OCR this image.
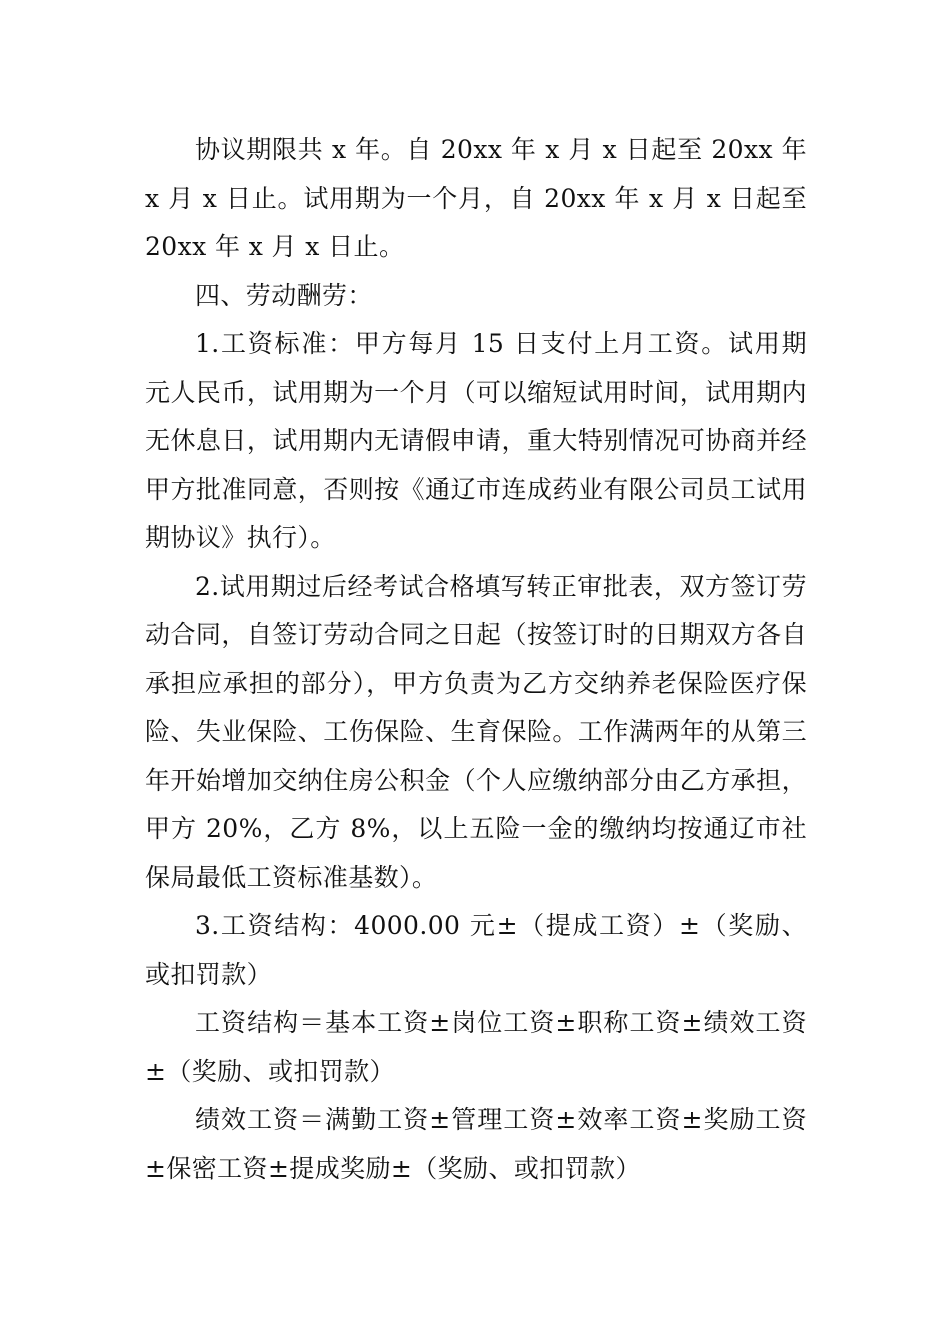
协议期限共 x 年。自 20xx 年 x 月 x 日起至 20xx 年 x 月 x 日止。试用期为一个月，自 20xx 年 x 月 x 日起至 20xx 年 x 月 x 日止。

四、劳动酬劳：

1.工资标准：甲方每月 15 日支付上月工资。试用期 元人民币，试用期为一个月（可以缩短试用时间，试用期内无休息日，试用期内无请假申请，重大特别情况可协商并经甲方批准同意，否则按《通辽市连成药业有限公司员工试用期协议》执行）。

2.试用期过后经考试合格填写转正审批表，双方签订劳动合同，自签订劳动合同之日起（按签订时的日期双方各自承担应承担的部分），甲方负责为乙方交纳养老保险医疗保险、失业保险、工伤保险、生育保险。工作满两年的从第三年开始增加交纳住房公积金（个人应缴纳部分由乙方承担，甲方 20%，乙方 8%，以上五险一金的缴纳均按通辽市社保局最低工资标准基数）。

3.工资结构：4000.00 元±（提成工资）±（奖励、或扣罚款）

工资结构＝基本工资±岗位工资±职称工资±绩效工资±（奖励、或扣罚款）

绩效工资＝满勤工资±管理工资±效率工资±奖励工资±保密工资±提成奖励±（奖励、或扣罚款）
